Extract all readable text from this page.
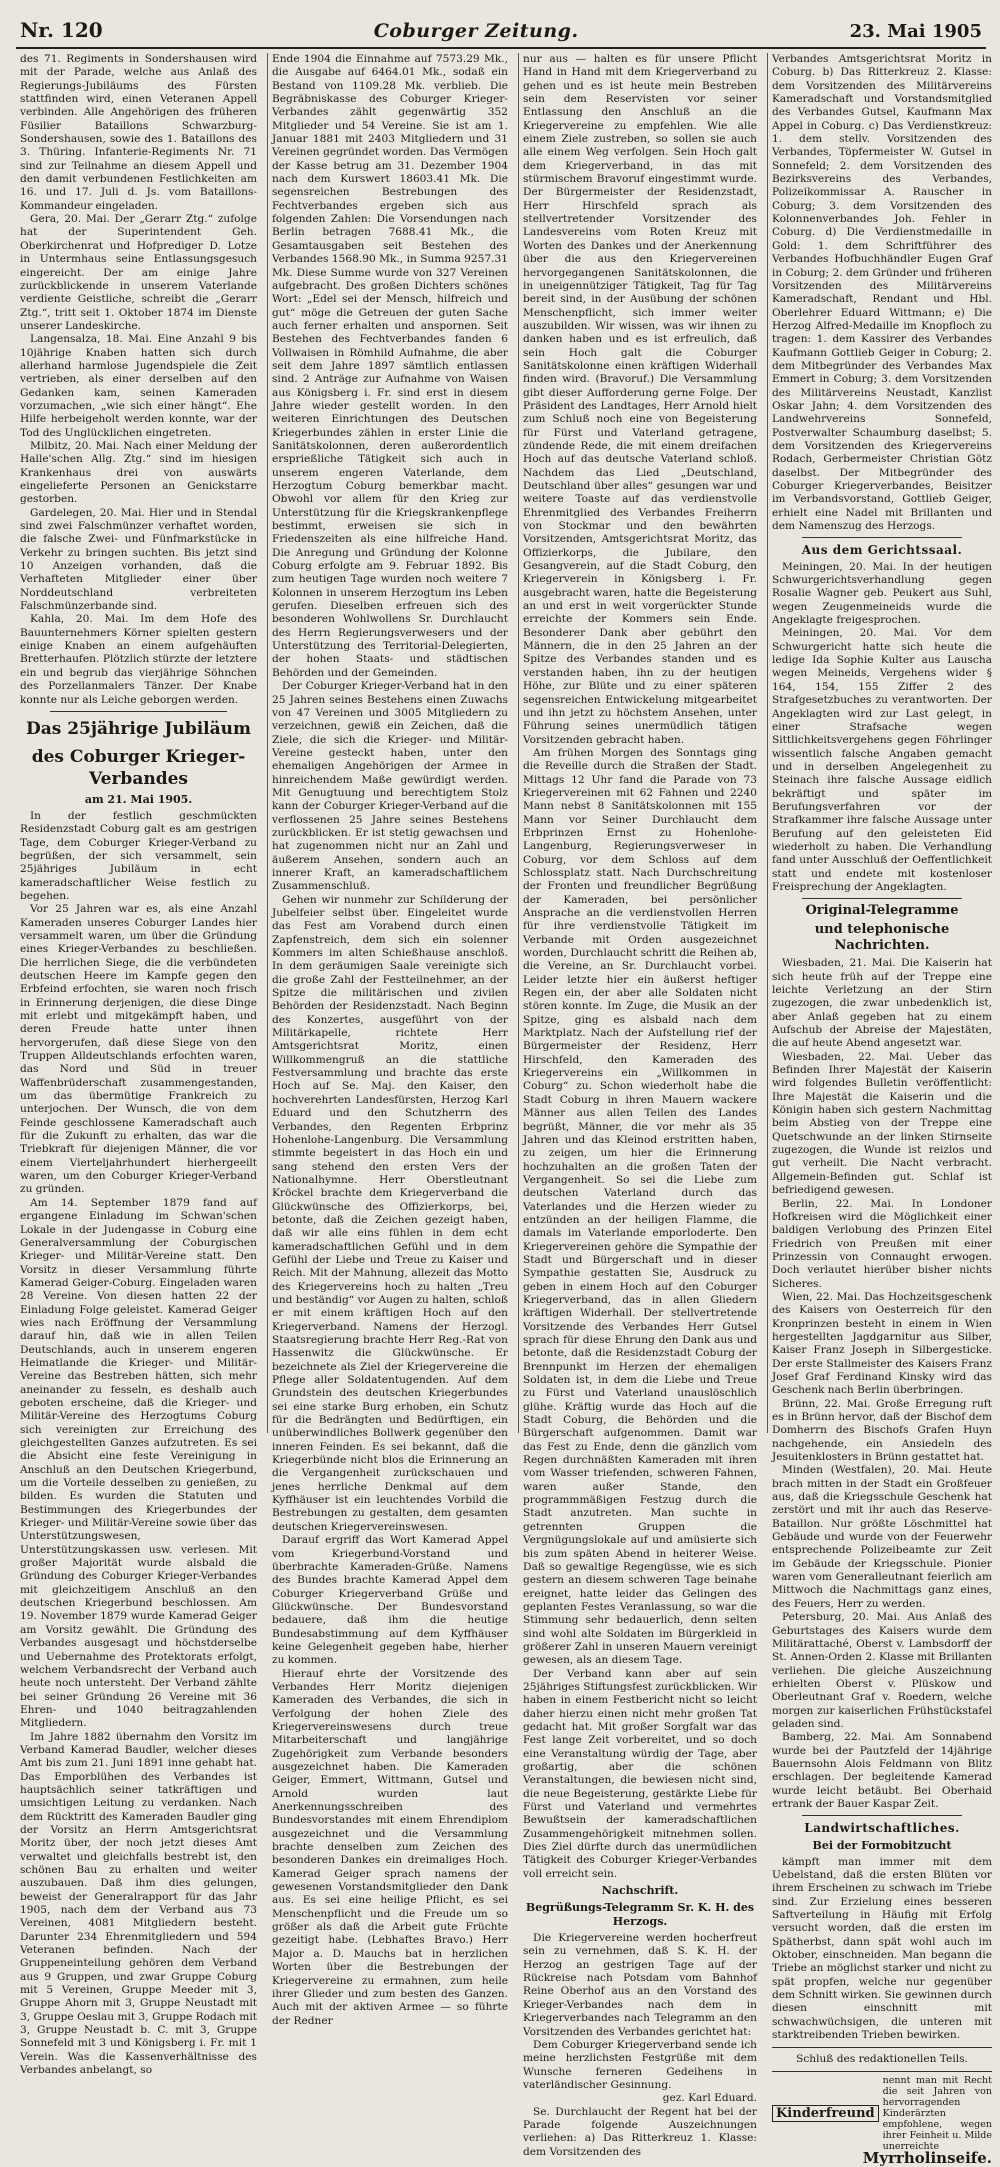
Nr. 120	Coburger Zeitung.	23. Mai 1905

des 71. Regiments in Sondershausen wird mit der Parade, welche aus Anlaß des Regierungs-Jubiläums des Fürsten stattfinden wird, einen Veteranen Appell verbinden. Alle Angehörigen des früheren Füsilier Bataillons Schwarzburg-Sondershausen, sowie des 1. Bataillons des 3. Thüring. Infanterie-Regiments Nr. 71 sind zur Teilnahme an diesem Appell und den damit verbundenen Festlichkeiten am 16. und 17. Juli d. Js. vom Bataillons-Kommandeur eingeladen.

Gera, 20. Mai. Der „Gerarr Ztg.“ zufolge hat der Superintendent Geh. Oberkirchenrat und Hofprediger D. Lotze in Untermhaus seine Entlassungsgesuch eingereicht. Der am einige Jahre zurückblickende in unserem Vaterlande verdiente Geistliche, schreibt die „Gerarr Ztg.“, tritt seit 1. Oktober 1874 im Dienste unserer Landeskirche.

Langensalza, 18. Mai. Eine Anzahl 9 bis 10jährige Knaben hatten sich durch allerhand harmlose Jugendspiele die Zeit vertrieben, als einer derselben auf den Gedanken kam, seinen Kameraden vorzumachen, „wie sich einer hängt“. Ehe Hilfe herbeigeholt werden konnte, war der Tod des Unglücklichen eingetreten.

Milbitz, 20. Mai. Nach einer Meldung der Halle'schen Allg. Ztg.“ sind im hiesigen Krankenhaus drei von auswärts eingelieferte Personen an Genickstarre gestorben.

Gardelegen, 20. Mai. Hier und in Stendal sind zwei Falschmünzer verhaftet worden, die falsche Zwei- und Fünfmarkstücke in Verkehr zu bringen suchten. Bis jetzt sind 10 Anzeigen vorhanden, daß die Verhafteten Mitglieder einer über Norddeutschland verbreiteten Falschmünzerbande sind.

Kahla, 20. Mai. Im dem Hofe des Bauunternehmers Körner spielten gestern einige Knaben an einem aufgehäuften Bretterhaufen. Plötzlich stürzte der letztere ein und begrub das vierjährige Söhnchen des Porzellanmalers Tänzer. Der Knabe konnte nur als Leiche geborgen werden.

Das 25jährige Jubiläum
des Coburger Krieger-Verbandes
am 21. Mai 1905.

In der festlich geschmückten Residenzstadt Coburg galt es am gestrigen Tage, dem Coburger Krieger-Verband zu begrüßen, der sich versammelt, sein 25jähriges Jubiläum in echt kameradschaftlicher Weise festlich zu begehen.

Vor 25 Jahren war es, als eine Anzahl Kameraden unseres Coburger Landes hier versammelt waren, um über die Gründung eines Krieger-Verbandes zu beschließen. Die herrlichen Siege, die die verbündeten deutschen Heere im Kampfe gegen den Erbfeind erfochten, sie waren noch frisch in Erinnerung derjenigen, die diese Dinge mit erlebt und mitgekämpft haben, und deren Freude hatte unter ihnen hervorgerufen, daß diese Siege von den Truppen Alldeutschlands erfochten waren, das Nord und Süd in treuer Waffenbrüderschaft zusammengestanden, um das übermütige Frankreich zu unterjochen. Der Wunsch, die von dem Feinde geschlossene Kameradschaft auch für die Zukunft zu erhalten, das war die Triebkraft für diejenigen Männer, die vor einem Vierteljahrhundert hierhergeeilt waren, um den Coburger Krieger-Verband zu gründen.

Am 14. September 1879 fand auf ergangene Einladung im Schwan'schen Lokale in der Judengasse in Coburg eine Generalversammlung der Coburgischen Krieger- und Militär-Vereine statt. Den Vorsitz in dieser Versammlung führte Kamerad Geiger-Coburg. Eingeladen waren 28 Vereine. Von diesen hatten 22 der Einladung Folge geleistet. Kamerad Geiger wies nach Eröffnung der Versammlung darauf hin, daß wie in allen Teilen Deutschlands, auch in unserem engeren Heimatlande die Krieger- und Militär-Vereine das Bestreben hätten, sich mehr aneinander zu fesseln, es deshalb auch geboten erscheine, daß die Krieger- und Militär-Vereine des Herzogtums Coburg sich vereinigten zur Erreichung des gleichgestellten Ganzes aufzutreten. Es sei die Absicht eine feste Vereinigung in Anschluß an den Deutschen Kriegerbund, um die Vorteile desselben zu genießen, zu bilden. Es wurden die Statuten und Bestimmungen des Kriegerbundes der Krieger- und Militär-Vereine sowie über das Unterstützungswesen, Unterstützungskassen usw. verlesen. Mit großer Majorität wurde alsbald die Gründung des Coburger Krieger-Verbandes mit gleichzeitigem Anschluß an den deutschen Kriegerbund beschlossen. Am 19. November 1879 wurde Kamerad Geiger am Vorsitz gewählt. Die Gründung des Verbandes ausgesagt und höchstderselbe und Uebernahme des Protektorats erfolgt, welchem Verbandsrecht der Verband auch heute noch untersteht. Der Verband zählte bei seiner Gründung 26 Vereine mit 36 Ehren- und 1040 beitragzahlenden Mitgliedern.

Im Jahre 1882 übernahm den Vorsitz im Verband Kamerad Baudler, welcher dieses Amt bis zum 21. Juni 1891 inne gehabt hat. Das Emporblühen des Verbandes ist hauptsächlich seiner tatkräftigen und umsichtigen Leitung zu verdanken. Nach dem Rücktritt des Kameraden Baudler ging der Vorsitz an Herrn Amtsgerichtsrat Moritz über, der noch jetzt dieses Amt verwaltet und gleichfalls bestrebt ist, den schönen Bau zu erhalten und weiter auszubauen. Daß ihm dies gelungen, beweist der Generalrapport für das Jahr 1905, nach dem der Verband aus 73 Vereinen, 4081 Mitgliedern besteht. Darunter 234 Ehrenmitgliedern und 594 Veteranen befinden. Nach der Gruppeneinteilung gehören dem Verband aus 9 Gruppen, und zwar Gruppe Coburg mit 5 Vereinen, Gruppe Meeder mit 3, Gruppe Ahorn mit 3, Gruppe Neustadt mit 3, Gruppe Oeslau mit 3, Gruppe Rodach mit 3, Gruppe Neustadt b. C. mit 3, Gruppe Sonnefeld mit 3 und Königsberg i. Fr. mit 1 Verein. Was die Kassenverhältnisse des Verbandes anbelangt, so

Ende 1904 die Einnahme auf 7573.29 Mk., die Ausgabe auf 6464.01 Mk., sodaß ein Bestand von 1109.28 Mk. verblieb. Die Begräbniskasse des Coburger Krieger-Verbandes zählt gegenwärtig 352 Mitglieder und 54 Vereine. Sie ist am 1. Januar 1881 mit 2403 Mitgliedern und 31 Vereinen gegründet worden. Das Vermögen der Kasse betrug am 31. Dezember 1904 nach dem Kurswert 18603.41 Mk. Die segensreichen Bestrebungen des Fechtverbandes ergeben sich aus folgenden Zahlen: Die Vorsendungen nach Berlin betragen 7688.41 Mk., die Gesamtausgaben seit Bestehen des Verbandes 1568.90 Mk., in Summa 9257.31 Mk. Diese Summe wurde von 327 Vereinen aufgebracht. Des großen Dichters schönes Wort: „Edel sei der Mensch, hilfreich und gut“ möge die Getreuen der guten Sache auch ferner erhalten und anspornen. Seit Bestehen des Fechtverbandes fanden 6 Vollwaisen in Römhild Aufnahme, die aber seit dem Jahre 1897 sämtlich entlassen sind. 2 Anträge zur Aufnahme von Waisen aus Königsberg i. Fr. sind erst in diesem Jahre wieder gestellt worden. In den weiteren Einrichtungen des Deutschen Kriegerbundes zählen in erster Linie die Sanitätskolonnen, deren außerordentlich ersprießliche Tätigkeit sich auch in unserem engeren Vaterlande, dem Herzogtum Coburg bemerkbar macht. Obwohl vor allem für den Krieg zur Unterstützung für die Kriegskrankenpflege bestimmt, erweisen sie sich in Friedenszeiten als eine hilfreiche Hand. Die Anregung und Gründung der Kolonne Coburg erfolgte am 9. Februar 1892. Bis zum heutigen Tage wurden noch weitere 7 Kolonnen in unserem Herzogtum ins Leben gerufen. Dieselben erfreuen sich des besonderen Wohlwollens Sr. Durchlaucht des Herrn Regierungsverwesers und der Unterstützung des Territorial-Delegierten, der hohen Staats- und städtischen Behörden und der Gemeinden.

Der Coburger Krieger-Verband hat in den 25 Jahren seines Bestehens einen Zuwachs von 47 Vereinen und 3005 Mitgliedern zu verzeichnen, gewiß ein Zeichen, daß die Ziele, die sich die Krieger- und Militär-Vereine gesteckt haben, unter den ehemaligen Angehörigen der Armee in hinreichendem Maße gewürdigt werden. Mit Genugtuung und berechtigtem Stolz kann der Coburger Krieger-Verband auf die verflossenen 25 Jahre seines Bestehens zurückblicken. Er ist stetig gewachsen und hat zugenommen nicht nur an Zahl und äußerem Ansehen, sondern auch an innerer Kraft, an kameradschaftlichem Zusammenschluß.

Gehen wir nunmehr zur Schilderung der Jubelfeier selbst über. Eingeleitet wurde das Fest am Vorabend durch einen Zapfenstreich, dem sich ein solenner Kommers im alten Schießhause anschloß. In dem geräumigen Saale vereinigte sich die große Zahl der Festteilnehmer, an der Spitze die militärischen und zivilen Behörden der Residenzstadt. Nach Beginn des Konzertes, ausgeführt von der Militärkapelle, richtete Herr Amtsgerichtsrat Moritz, einen Willkommengruß an die stattliche Festversammlung und brachte das erste Hoch auf Se. Maj. den Kaiser, den hochverehrten Landesfürsten, Herzog Karl Eduard und den Schutzherrn des Verbandes, den Regenten Erbprinz Hohenlohe-Langenburg. Die Versammlung stimmte begeistert in das Hoch ein und sang stehend den ersten Vers der Nationalhymne. Herr Oberstleutnant Kröckel brachte dem Kriegerverband die Glückwünsche des Offizierkorps, bei, betonte, daß die Zeichen gezeigt haben, daß wir alle eins fühlen in dem echt kameradschaftlichen Gefühl und in dem Gefühl der Liebe und Treue zu Kaiser und Reich. Mit der Mahnung, allezeit das Motto des Kriegervereins hoch zu halten „Treu und beständig“ vor Augen zu halten, schloß er mit einem kräftigen Hoch auf den Kriegerverband. Namens der Herzogl. Staatsregierung brachte Herr Reg.-Rat von Hassenwitz die Glückwünsche. Er bezeichnete als Ziel der Kriegervereine die Pflege aller Soldatentugenden. Auf dem Grundstein des deutschen Kriegerbundes sei eine starke Burg erhoben, ein Schutz für die Bedrängten und Bedürftigen, ein unüberwindliches Bollwerk gegenüber den inneren Feinden. Es sei bekannt, daß die Kriegerbünde nicht blos die Erinnerung an die Vergangenheit zurückschauen und jenes herrliche Denkmal auf dem Kyffhäuser ist ein leuchtendes Vorbild die Bestrebungen zu gestalten, dem gesamten deutschen Kriegervereinswesen.

Darauf ergriff das Wort Kamerad Appel vom Kriegerbund-Vorstand und überbrachte Kameraden-Grüße. Namens des Bundes brachte Kamerad Appel dem Coburger Kriegerverband Grüße und Glückwünsche. Der Bundesvorstand bedauere, daß ihm die heutige Bundesabstimmung auf dem Kyffhäuser keine Gelegenheit gegeben habe, hierher zu kommen.

Hierauf ehrte der Vorsitzende des Verbandes Herr Moritz diejenigen Kameraden des Verbandes, die sich in Verfolgung der hohen Ziele des Kriegervereinswesens durch treue Mitarbeiterschaft und langjährige Zugehörigkeit zum Verbande besonders ausgezeichnet haben. Die Kameraden Geiger, Emmert, Wittmann, Gutsel und Arnold wurden laut Anerkennungsschreiben des Bundesvorstandes mit einem Ehrendiplom ausgezeichnet und die Versammlung brachte denselben zum Zeichen des besonderen Dankes ein dreimaliges Hoch. Kamerad Geiger sprach namens der gewesenen Vorstandsmitglieder den Dank aus. Es sei eine heilige Pflicht, es sei Menschenpflicht und die Freude um so größer als daß die Arbeit gute Früchte gezeitigt habe. (Lebhaftes Bravo.) Herr Major a. D. Mauchs bat in herzlichen Worten über die Bestrebungen der Kriegervereine zu ermahnen, zum heile ihrer Glieder und zum besten des Ganzen. Auch mit der aktiven Armee — so führte der Redner

nur aus — halten es für unsere Pflicht Hand in Hand mit dem Kriegerverband zu gehen und es ist heute mein Bestreben sein dem Reservisten vor seiner Entlassung den Anschluß an die Kriegervereine zu empfehlen. Wie alle einem Ziele zustreben, so sollen sie auch alle einem Weg verfolgen. Sein Hoch galt dem Kriegerverband, in das mit stürmischem Bravoruf eingestimmt wurde. Der Bürgermeister der Residenzstadt, Herr Hirschfeld sprach als stellvertretender Vorsitzender des Landesvereins vom Roten Kreuz mit Worten des Dankes und der Anerkennung über die aus den Kriegervereinen hervorgegangenen Sanitätskolonnen, die in uneigennütziger Tätigkeit, Tag für Tag bereit sind, in der Ausübung der schönen Menschenpflicht, sich immer weiter auszubilden. Wir wissen, was wir ihnen zu danken haben und es ist erfreulich, daß sein Hoch galt die Coburger Sanitätskolonne einen kräftigen Widerhall finden wird. (Bravoruf.) Die Versammlung gibt dieser Aufforderung gerne Folge. Der Präsident des Landtages, Herr Arnold hielt zum Schluß noch eine von Begeisterung für Fürst und Vaterland getragene, zündende Rede, die mit einem dreifachen Hoch auf das deutsche Vaterland schloß. Nachdem das Lied „Deutschland, Deutschland über alles“ gesungen war und weitere Toaste auf das verdienstvolle Ehrenmitglied des Verbandes Freiherrn von Stockmar und den bewährten Vorsitzenden, Amtsgerichtsrat Moritz, das Offizierkorps, die Jubilare, den Gesangverein, auf die Stadt Coburg, den Kriegerverein in Königsberg i. Fr. ausgebracht waren, hatte die Begeisterung an und erst in weit vorgerückter Stunde erreichte der Kommers sein Ende. Besonderer Dank aber gebührt den Männern, die in den 25 Jahren an der Spitze des Verbandes standen und es verstanden haben, ihn zu der heutigen Höhe, zur Blüte und zu einer späteren segensreichen Entwickelung mitgearbeitet und ihn jetzt zu höchstem Ansehen, unter Führung seines unermüdlich tätigen Vorsitzenden gebracht haben.

Am frühen Morgen des Sonntags ging die Reveille durch die Straßen der Stadt. Mittags 12 Uhr fand die Parade von 73 Kriegervereinen mit 62 Fahnen und 2240 Mann nebst 8 Sanitätskolonnen mit 155 Mann vor Seiner Durchlaucht dem Erbprinzen Ernst zu Hohenlohe-Langenburg, Regierungsverweser in Coburg, vor dem Schloss auf dem Schlossplatz statt. Nach Durchschreitung der Fronten und freundlicher Begrüßung der Kameraden, bei persönlicher Ansprache an die verdienstvollen Herren für ihre verdienstvolle Tätigkeit im Verbande mit Orden ausgezeichnet worden, Durchlaucht schritt die Reihen ab, die Vereine, an Sr. Durchlaucht vorbei. Leider letzte hier ein äußerst heftiger Regen ein, der aber alle Soldaten nicht stören konnte. Im Zuge, die Musik an der Spitze, ging es alsbald nach dem Marktplatz. Nach der Aufstellung rief der Bürgermeister der Residenz, Herr Hirschfeld, den Kameraden des Kriegervereins ein „Willkommen in Coburg“ zu. Schon wiederholt habe die Stadt Coburg in ihren Mauern wackere Männer aus allen Teilen des Landes begrüßt, Männer, die vor mehr als 35 Jahren und das Kleinod erstritten haben, zu zeigen, um hier die Erinnerung hochzuhalten an die großen Taten der Vergangenheit. So sei die Liebe zum deutschen Vaterland durch das Vaterlandes und die Herzen wieder zu entzünden an der heiligen Flamme, die damals im Vaterlande emporloderte. Den Kriegervereinen gehöre die Sympathie der Stadt und Bürgerschaft und in dieser Sympathie gestatten Sie, Ausdruck zu geben in einem Hoch auf den Coburger Kriegerverband, das in allen Gliedern kräftigen Widerhall. Der stellvertretende Vorsitzende des Verbandes Herr Gutsel sprach für diese Ehrung den Dank aus und betonte, daß die Residenzstadt Coburg der Brennpunkt im Herzen der ehemaligen Soldaten ist, in dem die Liebe und Treue zu Fürst und Vaterland unauslöschlich glühe. Kräftig wurde das Hoch auf die Stadt Coburg, die Behörden und die Bürgerschaft aufgenommen. Damit war das Fest zu Ende, denn die gänzlich vom Regen durchnäßten Kameraden mit ihren vom Wasser triefenden, schweren Fahnen, waren außer Stande, den programmmäßigen Festzug durch die Stadt anzutreten. Man suchte in getrennten Gruppen die Vergnügungslokale auf und amüsierte sich bis zum späten Abend in heiterer Weise. Daß so gewaltige Regengüsse, wie es sich gestern an diesem schweren Tage beinahe ereignet, hatte leider das Gelingen des geplanten Festes Veranlassung, so war die Stimmung sehr bedauerlich, denn selten sind wohl alte Soldaten im Bürgerkleid in größerer Zahl in unseren Mauern vereinigt gewesen, als an diesem Tage.

Der Verband kann aber auf sein 25jähriges Stiftungsfest zurückblicken. Wir haben in einem Festbericht nicht so leicht daher hierzu einen nicht mehr großen Tat gedacht hat. Mit großer Sorgfalt war das Fest lange Zeit vorbereitet, und so doch eine Veranstaltung würdig der Tage, aber großartig, aber die schönen Veranstaltungen, die bewiesen nicht sind, die neue Begeisterung, gestärkte Liebe für Fürst und Vaterland und vermehrtes Bewußtsein der kameradschaftlichen Zusammengehörigkeit mitnehmen sollen. Dies Ziel dürfte durch das unermüdlichen Tätigkeit des Coburger Krieger-Verbandes voll erreicht sein.

Nachschrift.
Begrüßungs-Telegramm Sr. K. H. des Herzogs.

Die Kriegervereine werden hocherfreut sein zu vernehmen, daß S. K. H. der Herzog an gestrigen Tage auf der Rückreise nach Potsdam vom Bahnhof Reine Oberhof aus an den Vorstand des Krieger-Verbandes nach dem in Kriegerverbandes nach Telegramm an den Vorsitzenden des Verbandes gerichtet hat:

Dem Coburger Kriegerverband sende ich meine herzlichsten Festgrüße mit dem Wunsche ferneren Gedeihens in vaterländischer Gesinnung.

gez. Karl Eduard.

Se. Durchlaucht der Regent hat bei der Parade folgende Auszeichnungen verliehen: a) Das Ritterkreuz 1. Klasse: dem Vorsitzenden des

Verbandes Amtsgerichtsrat Moritz in Coburg. b) Das Ritterkreuz 2. Klasse: dem Vorsitzenden des Militärvereins Kameradschaft und Vorstandsmitglied des Verbandes Gutsel, Kaufmann Max Appel in Coburg. c) Das Verdienstkreuz: 1. dem stellv. Vorsitzenden des Verbandes, Töpfermeister W. Gutsel in Sonnefeld; 2. dem Vorsitzenden des Bezirksvereins des Verbandes, Polizeikommissar A. Rauscher in Coburg; 3. dem Vorsitzenden des Kolonnenverbandes Joh. Fehler in Coburg. d) Die Verdienstmedaille in Gold: 1. dem Schriftführer des Verbandes Hofbuchhändler Eugen Graf in Coburg; 2. dem Gründer und früheren Vorsitzenden des Militärvereins Kameradschaft, Rendant und Hbl. Oberlehrer Eduard Wittmann; e) Die Herzog Alfred-Medaille im Knopfloch zu tragen: 1. dem Kassirer des Verbandes Kaufmann Gottlieb Geiger in Coburg; 2. dem Mitbegründer des Verbandes Max Emmert in Coburg; 3. dem Vorsitzenden des Militärvereins Neustadt, Kanzlist Oskar Jahn; 4. dem Vorsitzenden des Landwehrvereins Sonnefeld, Postverwalter Schaumburg daselbst; 5. dem Vorsitzenden des Kriegervereins Rodach, Gerbermeister Christian Götz daselbst. Der Mitbegründer des Coburger Kriegerverbandes, Beisitzer im Verbandsvorstand, Gottlieb Geiger, erhielt eine Nadel mit Brillanten und dem Namenszug des Herzogs.

Aus dem Gerichtssaal.

Meiningen, 20. Mai. In der heutigen Schwurgerichtsverhandlung gegen Rosalie Wagner geb. Peukert aus Suhl, wegen Zeugenmeineids wurde die Angeklagte freigesprochen.

Meiningen, 20. Mai. Vor dem Schwurgericht hatte sich heute die ledige Ida Sophie Kulter aus Lauscha wegen Meineids, Vergehens wider § 164, 154, 155 Ziffer 2 des Strafgesetzbuches zu verantworten. Der Angeklagten wird zur Last gelegt, in einer Strafsache wegen Sittlichkeitsvergehens gegen Föhrlinger wissentlich falsche Angaben gemacht und in derselben Angelegenheit zu Steinach ihre falsche Aussage eidlich bekräftigt und später im Berufungsverfahren vor der Strafkammer ihre falsche Aussage unter Berufung auf den geleisteten Eid wiederholt zu haben. Die Verhandlung fand unter Ausschluß der Oeffentlichkeit statt und endete mit kostenloser Freisprechung der Angeklagten.

Original-Telegramme
und telephonische Nachrichten.

Wiesbaden, 21. Mai. Die Kaiserin hat sich heute früh auf der Treppe eine leichte Verletzung an der Stirn zugezogen, die zwar unbedenklich ist, aber Anlaß gegeben hat zu einem Aufschub der Abreise der Majestäten, die auf heute Abend angesetzt war.

Wiesbaden, 22. Mai. Ueber das Befinden Ihrer Majestät der Kaiserin wird folgendes Bulletin veröffentlicht: Ihre Majestät die Kaiserin und die Königin haben sich gestern Nachmittag beim Abstieg von der Treppe eine Quetschwunde an der linken Stirnseite zugezogen, die Wunde ist reizlos und gut verheilt. Die Nacht verbracht. Allgemein-Befinden gut. Schlaf ist befriedigend gewesen.

Berlin, 22. Mai. In Londoner Hofkreisen wird die Möglichkeit einer baldigen Verlobung des Prinzen Eitel Friedrich von Preußen mit einer Prinzessin von Connaught erwogen. Doch verlautet hierüber bisher nichts Sicheres.

Wien, 22. Mai. Das Hochzeitsgeschenk des Kaisers von Oesterreich für den Kronprinzen besteht in einem in Wien hergestellten Jagdgarnitur aus Silber, Kaiser Franz Joseph in Silbergesticke. Der erste Stallmeister des Kaisers Franz Josef Graf Ferdinand Kinsky wird das Geschenk nach Berlin überbringen.

Brünn, 22. Mai. Große Erregung ruft es in Brünn hervor, daß der Bischof dem Domherrn des Bischofs Grafen Huyn nachgehende, ein Ansiedeln des Jesuitenklosters in Brünn gestattet hat.

Minden (Westfalen), 20. Mai. Heute brach mitten in der Stadt ein Großfeuer aus, daß die Kriegsschule Geschenk hat zerstört und mit ihr auch das Reserve-Bataillon. Nur größte Löschmittel hat Gebäude und wurde von der Feuerwehr entsprechende Polizeibeamte zur Zeit im Gebäude der Kriegsschule. Pionier waren vom Generalleutnant feierlich am Mittwoch die Nachmittags ganz eines, des Feuers, Herr zu werden.

Petersburg, 20. Mai. Aus Anlaß des Geburtstages des Kaisers wurde dem Militärattaché, Oberst v. Lambsdorff der St. Annen-Orden 2. Klasse mit Brillanten verliehen. Die gleiche Auszeichnung erhielten Oberst v. Plüskow und Oberleutnant Graf v. Roedern, welche morgen zur kaiserlichen Frühstückstafel geladen sind.

Bamberg, 22. Mai. Am Sonnabend wurde bei der Pautzfeld der 14jährige Bauernsohn Alois Feldmann von Blitz erschlagen. Der begleitende Kamerad wurde leicht betäubt. Bei Oberhaid ertrank der Bauer Kaspar Zeit.

Landwirtschaftliches.
Bei der Formobitzucht

kämpft man immer mit dem Uebelstand, daß die ersten Blüten vor ihrem Erscheinen zu schwach im Triebe sind. Zur Erzielung eines besseren Saftverteilung in Häufig mit Erfolg versucht worden, daß die ersten im Spätherbst, dann spät wohl auch im Oktober, einschneiden. Man begann die Triebe an möglichst starker und nicht zu spät propfen, welche nur gegenüber dem Schnitt wirken. Sie gewinnen durch diesen einschnitt mit schwachwüchsigen, die unteren mit starktreibenden Trieben bewirken.

Schluß des redaktionellen Teils.

Kinderfreund
nennt man mit Recht die seit Jahren von hervorragenden Kinderärzten empfohlene, wegen ihrer Feinheit u. Milde unerreichte
Myrrholinseife.
